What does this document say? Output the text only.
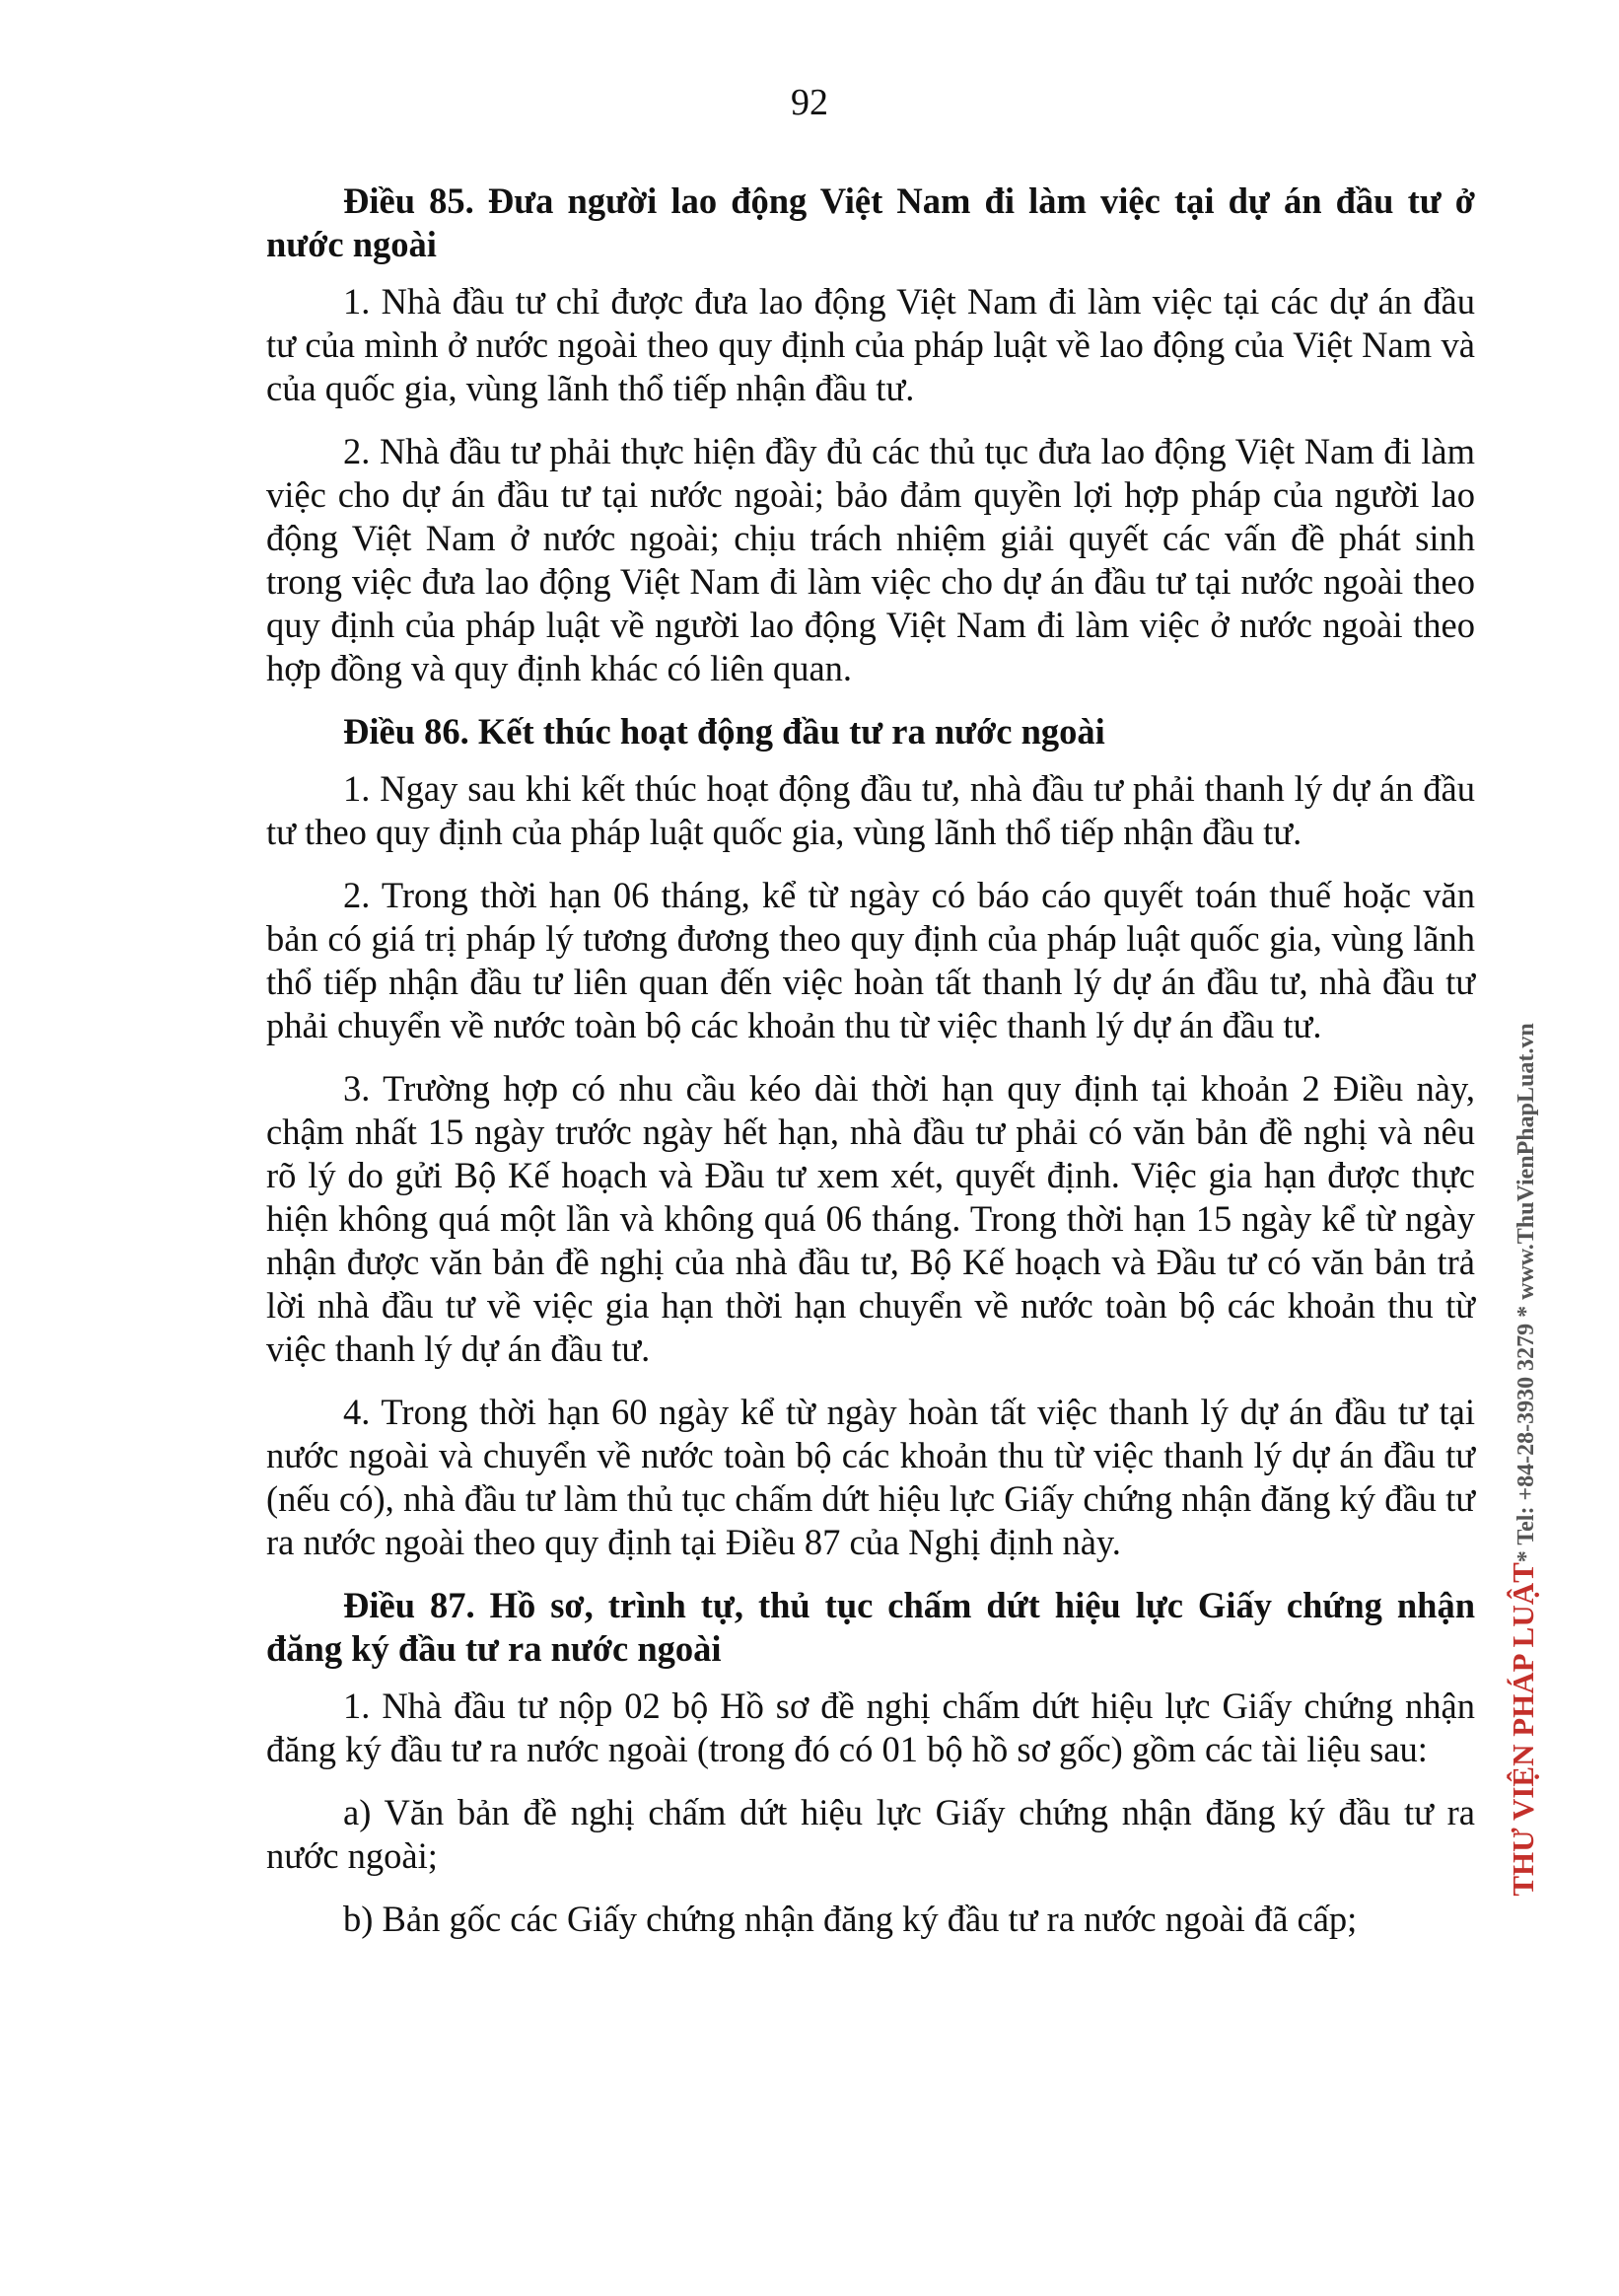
92

Điều 85. Đưa người lao động Việt Nam đi làm việc tại dự án đầu tư ở nước ngoài

1. Nhà đầu tư chỉ được đưa lao động Việt Nam đi làm việc tại các dự án đầu tư của mình ở nước ngoài theo quy định của pháp luật về lao động của Việt Nam và của quốc gia, vùng lãnh thổ tiếp nhận đầu tư.

2. Nhà đầu tư phải thực hiện đầy đủ các thủ tục đưa lao động Việt Nam đi làm việc cho dự án đầu tư tại nước ngoài; bảo đảm quyền lợi hợp pháp của người lao động Việt Nam ở nước ngoài; chịu trách nhiệm giải quyết các vấn đề phát sinh trong việc đưa lao động Việt Nam đi làm việc cho dự án đầu tư tại nước ngoài theo quy định của pháp luật về người lao động Việt Nam đi làm việc ở nước ngoài theo hợp đồng và quy định khác có liên quan.

Điều 86. Kết thúc hoạt động đầu tư ra nước ngoài

1. Ngay sau khi kết thúc hoạt động đầu tư, nhà đầu tư phải thanh lý dự án đầu tư theo quy định của pháp luật quốc gia, vùng lãnh thổ tiếp nhận đầu tư.

2. Trong thời hạn 06 tháng, kể từ ngày có báo cáo quyết toán thuế hoặc văn bản có giá trị pháp lý tương đương theo quy định của pháp luật quốc gia, vùng lãnh thổ tiếp nhận đầu tư liên quan đến việc hoàn tất thanh lý dự án đầu tư, nhà đầu tư phải chuyển về nước toàn bộ các khoản thu từ việc thanh lý dự án đầu tư.

3. Trường hợp có nhu cầu kéo dài thời hạn quy định tại khoản 2 Điều này, chậm nhất 15 ngày trước ngày hết hạn, nhà đầu tư phải có văn bản đề nghị và nêu rõ lý do gửi Bộ Kế hoạch và Đầu tư xem xét, quyết định. Việc gia hạn được thực hiện không quá một lần và không quá 06 tháng. Trong thời hạn 15 ngày kể từ ngày nhận được văn bản đề nghị của nhà đầu tư, Bộ Kế hoạch và Đầu tư có văn bản trả lời nhà đầu tư về việc gia hạn thời hạn chuyển về nước toàn bộ các khoản thu từ việc thanh lý dự án đầu tư.

4. Trong thời hạn 60 ngày kể từ ngày hoàn tất việc thanh lý dự án đầu tư tại nước ngoài và chuyển về nước toàn bộ các khoản thu từ việc thanh lý dự án đầu tư (nếu có), nhà đầu tư làm thủ tục chấm dứt hiệu lực Giấy chứng nhận đăng ký đầu tư ra nước ngoài theo quy định tại Điều 87 của Nghị định này.

Điều 87. Hồ sơ, trình tự, thủ tục chấm dứt hiệu lực Giấy chứng nhận đăng ký đầu tư ra nước ngoài

1. Nhà đầu tư nộp 02 bộ Hồ sơ đề nghị chấm dứt hiệu lực Giấy chứng nhận đăng ký đầu tư ra nước ngoài (trong đó có 01 bộ hồ sơ gốc) gồm các tài liệu sau:

a) Văn bản đề nghị chấm dứt hiệu lực Giấy chứng nhận đăng ký đầu tư ra nước ngoài;

b) Bản gốc các Giấy chứng nhận đăng ký đầu tư ra nước ngoài đã cấp;

THƯ VIỆN PHÁP LUẬT* Tel: +84-28-3930 3279 * www.ThuVienPhapLuat.vn
